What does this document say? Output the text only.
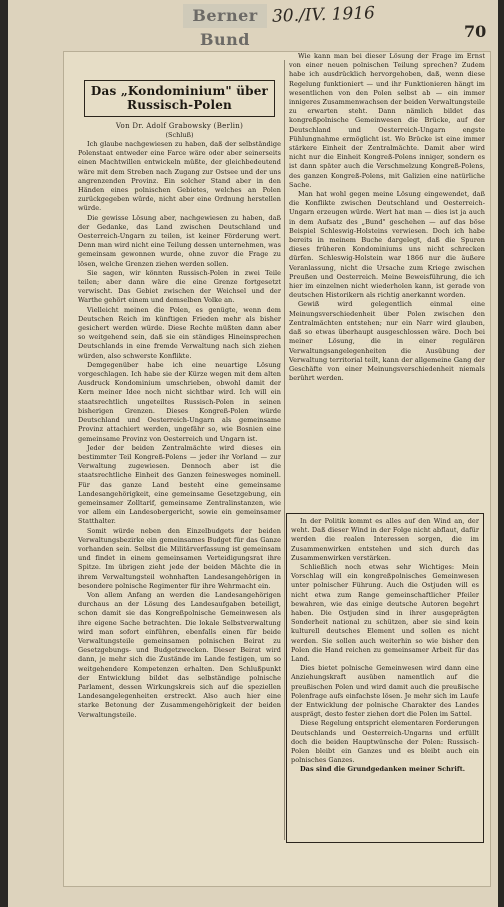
Berner Bund
30./IV. 1916
70
Das „Kondominium" über Russisch-Polen
Von Dr. Adolf Grabowsky (Berlin)
(Schluß)

Ich glaube nachgewiesen zu haben, daß der selbständige Polenstaat entweder eine Farce wäre oder aber seinerseits einen Machtwillen entwickeln müßte, der gleichbedeutend wäre mit dem Streben nach Zugang zur Ostsee und der uns angrenzenden Provinz. Ein solcher Stand aber in den Händen eines polnischen Gebietes, welches an Polen zurückgegeben würde, nicht aber eine Ordnung herstellen würde.

Die gewisse Lösung aber, nachgewiesen zu haben, daß der Gedanke, das Land zwischen Deutschland und Oesterreich-Ungarn zu teilen, ist keiner Förderung wert. Denn man wird nicht eine Teilung dessen unternehmen, was gemeinsam gewonnen wurde, ohne zuvor die Frage zu lösen, welche Grenzen ziehen werden sollen.

Sie sagen, wir könnten Russisch-Polen in zwei Teile teilen; aber dann wäre die eine Grenze fortgesetzt verwischt. Das Gebiet zwischen der Weichsel und der Warthe gehört einem und demselben Volke an.

Vielleicht meinen die Polen, es genügte, wenn dem Deutschen Reich im künftigen Frieden mehr als bisher gesichert werden würde. Diese Rechte müßten dann aber so weitgehend sein, daß sie ein ständiges Hineinsprechen Deutschlands in eine fremde Verwaltung nach sich ziehen würden, also schwerste Konflikte.

Demgegenüber habe ich eine neuartige Lösung vorgeschlagen. Ich habe sie der Kürze wegen mit dem alten Ausdruck Kondominium umschrieben, obwohl damit der Kern meiner Idee noch nicht sichtbar wird. Ich will ein staatsrechtlich ungeteiltes Russisch-Polen in seinen bisherigen Grenzen. Dieses Kongreß-Polen würde Deutschland und Oesterreich-Ungarn als gemeinsame Provinz attachiert werden, ungefähr so, wie Bosnien eine gemeinsame Provinz von Oesterreich und Ungarn ist.

Jeder der beiden Zentralmächte wird dieses ein bestimmter Teil Kongreß-Polens — jeder ihr Vorland — zur Verwaltung zugewiesen. Dennoch aber ist die staatsrechtliche Einheit des Ganzen feinesweges nominell. Für das ganze Land besteht eine gemeinsame Landesangehörigkeit, eine gemeinsame Gesetzgebung, ein gemeinsamer Zolltarif, gemeinsame Zentralinstanzen, wie vor allem ein Landesobergericht, sowie ein gemeinsamer Statthalter.

Somit würde neben den Einzelbudgets der beiden Verwaltungsbezirke ein gemeinsames Budget für das Ganze vorhanden sein. Selbst die Militärverfassung ist gemeinsam und findet in einem gemeinsamen Verteidigungsrat ihre Spitze. Im übrigen zieht jede der beiden Mächte die in ihrem Verwaltungsteil wohnhaften Landesangehörigen in besondere polnische Regimenter für ihre Wehrmacht ein.

Von allem Anfang an werden die Landesangehörigen durchaus an der Lösung des Landesaufgaben beteiligt, schon damit sie das Kongreßpolnische Gemeinwesen als ihre eigene Sache betrachten. Die lokale Selbstverwaltung wird man sofort einführen, ebenfalls einen für beide Verwaltungsteile gemeinsamen polnischen Beirat zu Gesetzgebungs- und Budgetzwecken. Dieser Beirat wird dann, je mehr sich die Zustände im Lande festigen, um so weitgehendere Kompetenzen erhalten. Den Schlußpunkt der Entwicklung bildet das selbständige polnische Parlament, dessen Wirkungskreis sich auf die speziellen Landesangelegenheiten erstreckt. Also auch hier eine starke Betonung der Zusammengehörigkeit der beiden Verwaltungsteile.

Wie kann man bei dieser Lösung der Frage im Ernst von einer neuen polnischen Teilung sprechen? Zudem habe ich ausdrücklich hervorgehoben, daß, wenn diese Regelung funktioniert — und ihr Funktionieren hängt im wesentlichen von den Polen selbst ab — ein immer innigeres Zusammenwachsen der beiden Verwaltungsteile zu erwarten steht. Dann nämlich bildet das kongreßpolnische Gemeinwesen die Brücke, auf der Deutschland und Oesterreich-Ungarn engste Fühlungnahme ermöglicht ist. Wo Brücke ist eine immer stärkere Einheit der Zentralmächte. Damit aber wird nicht nur die Einheit Kongreß-Polens inniger, sondern es ist dann später auch die Verschmelzung Kongreß-Polens, des ganzen Kongreß-Polens, mit Galizien eine natürliche Sache.

Man hat wohl gegen meine Lösung eingewendet, daß die Konflikte zwischen Deutschland und Oesterreich-Ungarn erzeugen würde. Wert hat man — dies ist ja auch in dem Aufsatz des „Bund" geschehen — auf das böse Beispiel Schleswig-Holsteins verwiesen. Doch ich habe bereits in meinem Buche dargelegt, daß die Spuren dieses früheren Kondominiums uns nicht schrecken dürfen. Schleswig-Holstein war 1866 nur die äußere Veranlassung, nicht die Ursache zum Kriege zwischen Preußen und Oesterreich. Meine Beweisführung, die ich hier im einzelnen nicht wiederholen kann, ist gerade von deutschen Historikern als richtig anerkannt worden.

Gewiß wird gelegentlich einmal eine Meinungsverschiedenheit über Polen zwischen den Zentralmächten entstehen; nur ein Narr wird glauben, daß so etwas überhaupt ausgeschlossen wäre. Doch bei meiner Lösung, die in einer regulären Verwaltungsangelegenheiten die Ausübung der Verwaltung territorial teilt, kann der allgemeine Gang der Geschäfte von einer Meinungsverschiedenheit niemals berührt werden.

In der Politik kommt es alles auf den Wind an, der weht. Daß dieser Wind in der Folge nicht abflaut, dafür werden die realen Interessen sorgen, die im Zusammenwirken entstehen und sich durch das Zusammenwirken verstärken.

Schließlich noch etwas sehr Wichtiges: Mein Vorschlag will ein kongreßpolnisches Gemeinwesen unter polnischer Führung. Auch die Ostjuden will es nicht etwa zum Range gemeinschaftlicher Pfeiler bewahren, wie das einige deutsche Autoren begehrt haben. Die Ostjuden sind in ihrer ausgeprägten Sonderheit national zu schützen, aber sie sind kein kulturell deutsches Element und sollen es nicht werden. Sie sollen auch weiterhin so wie bisher den Polen die Hand reichen zu gemeinsamer Arbeit für das Land.

Dies bietet polnische Gemeinwesen wird dann eine Anziehungskraft ausüben namentlich auf die preußischen Polen und wird damit auch die preußische Polenfrage aufs einfachste lösen. Je mehr sich im Laufe der Entwicklung der polnische Charakter des Landes ausprägt, desto fester ziehen dort die Polen im Sattel.

Diese Regelung entspricht elementaren Forderungen Deutschlands und Oesterreich-Ungarns und erfüllt doch die beiden Hauptwünsche der Polen: Russisch-Polen bleibt ein Ganzes und es bleibt auch ein polnisches Ganzes.

Das sind die Grundgedanken meiner Schrift.
